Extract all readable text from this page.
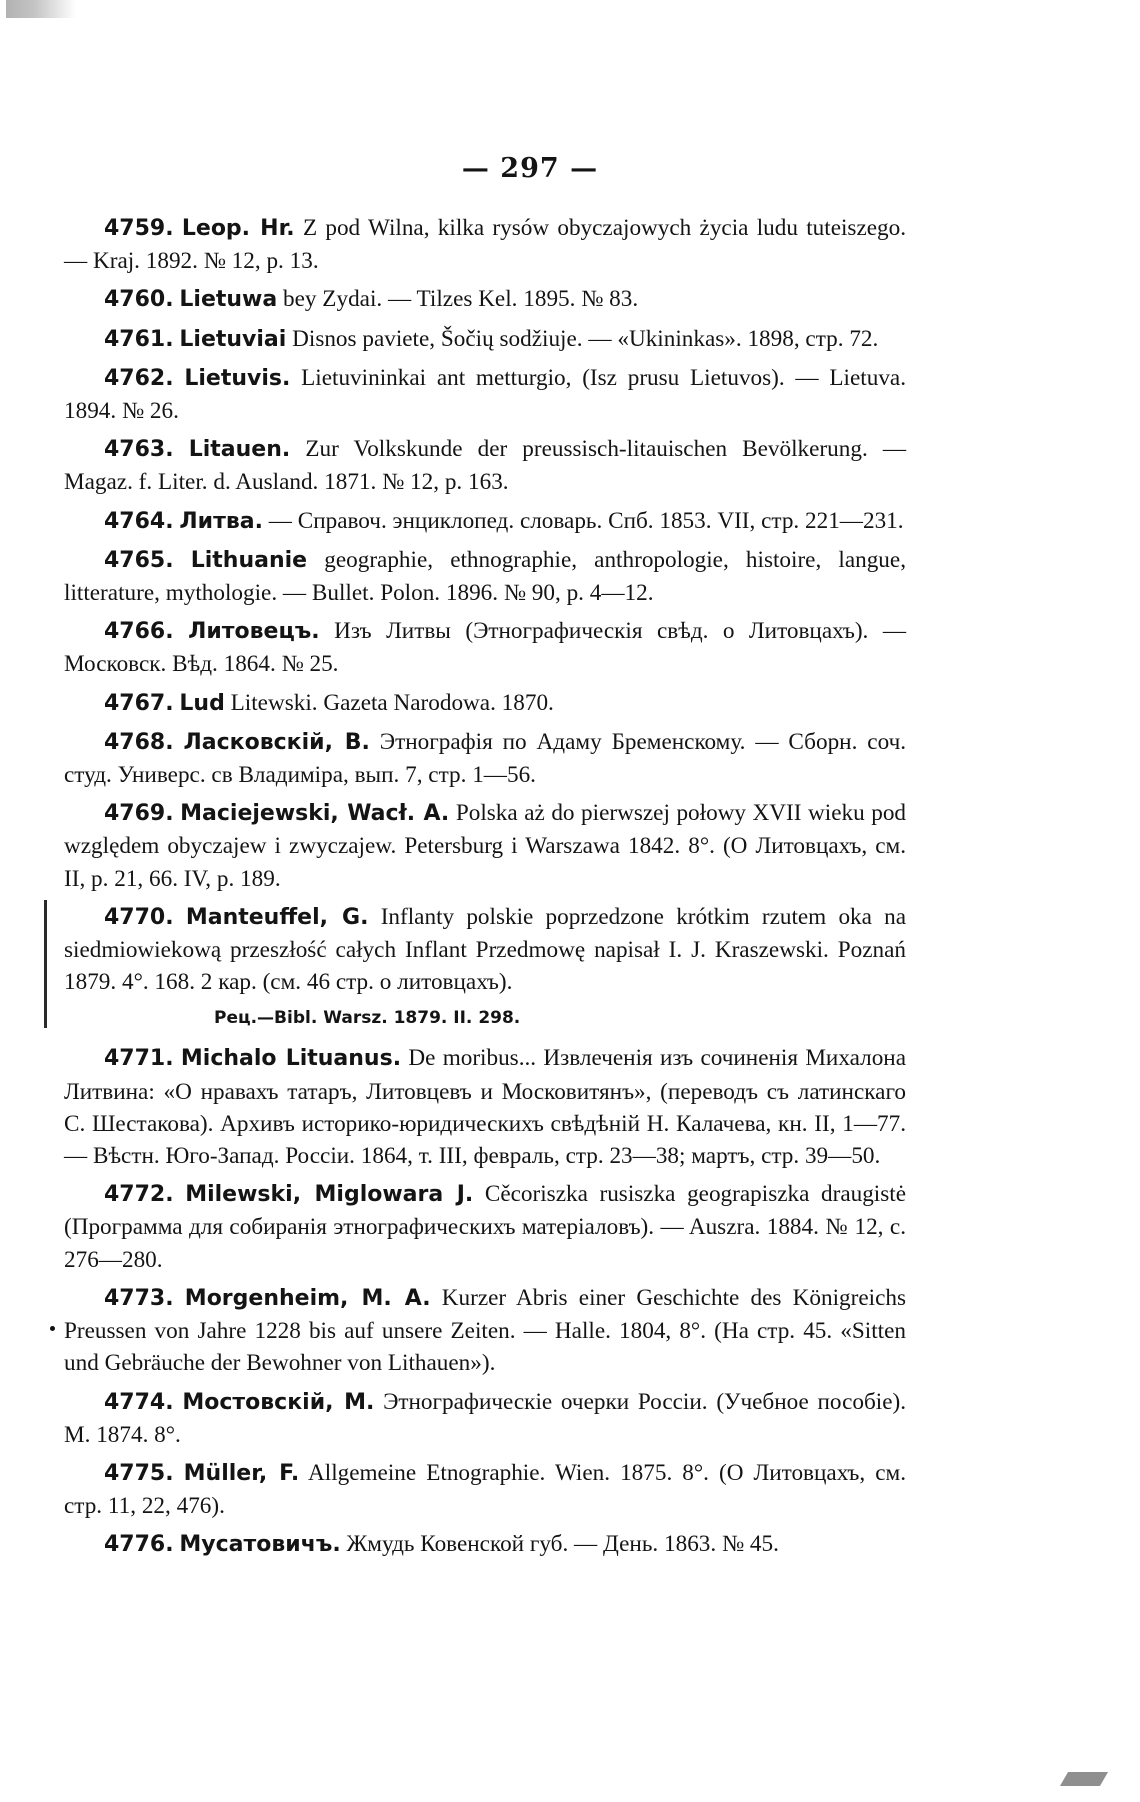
— 297 —

4759. Leop. Hr. Z pod Wilna, kilka rysów obyczajowych życia ludu tuteiszego. — Kraj. 1892. № 12, p. 13.

4760. Lietuwa bey Zydai. — Tilzes Kel. 1895. № 83.

4761. Lietuviai Disnos paviete, Šočių sodžiuje. — «Ukininkas». 1898, стр. 72.

4762. Lietuvis. Lietuvininkai ant metturgio, (Isz prusu Lietuvos). — Lietuva. 1894. № 26.

4763. Litauen. Zur Volkskunde der preussisch-litauischen Bevölkerung. — Magaz. f. Liter. d. Ausland. 1871. № 12, p. 163.

4764. Литва. — Справоч. энциклопед. словарь. Спб. 1853. VII, стр. 221—231.

4765. Lithuanie geographie, ethnographie, anthropologie, histoire, langue, litterature, mythologie. — Bullet. Polon. 1896. № 90, p. 4—12.

4766. Литовецъ. Изъ Литвы (Этнографическія свѣд. о Литовцахъ). — Московск. Вѣд. 1864. № 25.

4767. Lud Litewski. Gazeta Narodowa. 1870.

4768. Ласковскій, В. Этнографія по Адаму Бременскому. — Сборн. соч. студ. Универс. св Владиміра, вып. 7, стр. 1—56.

4769. Maciejewski, Wacł. A. Polska aż do pierwszej połowy XVII wieku pod względem obyczajew i zwyczajew. Petersburg i Warszawa 1842. 8°. (O Литовцахъ, см. II, p. 21, 66. IV, p. 189.

4770. Manteuffel, G. Inflanty polskie poprzedzone krótkim rzutem oka na siedmiowiekową przeszłość całych Inflant Przedmowę napisał I. J. Kraszewski. Poznań 1879. 4°. 168. 2 кар. (см. 46 стр. о литовцахъ).

Рец.—Bibl. Warsz. 1879. II. 298.

4771. Michalo Lituanus. De moribus... Извлеченія изъ сочиненія Михалона Литвина: «О нравахъ татаръ, Литовцевъ и Московитянъ», (переводъ съ латинскаго С. Шестакова). Архивъ историко-юридическихъ свѣдѣній Н. Калачева, кн. II, 1—77. — Вѣстн. Юго-Запад. Россіи. 1864, т. III, февраль, стр. 23—38; мартъ, стр. 39—50.

4772. Milewski, Miglowara J. Cěcoriszka rusiszka geograpiszka draugistė (Программа для собиранія этнографическихъ матеріаловъ). — Auszra. 1884. № 12, с. 276—280.

4773. Morgenheim, M. A. Kurzer Abris einer Geschichte des Königreichs Preussen von Jahre 1228 bis auf unsere Zeiten. — Halle. 1804, 8°. (На стр. 45. «Sitten und Gebräuche der Bewohner von Lithauen»).

4774. Мостовскій, М. Этнографическіе очерки Россіи. (Учебное пособіе). М. 1874. 8°.

4775. Müller, F. Allgemeine Etnographie. Wien. 1875. 8°. (O Литовцахъ, см. стр. 11, 22, 476).

4776. Мусатовичъ. Жмудь Ковенской губ. — День. 1863. № 45.
